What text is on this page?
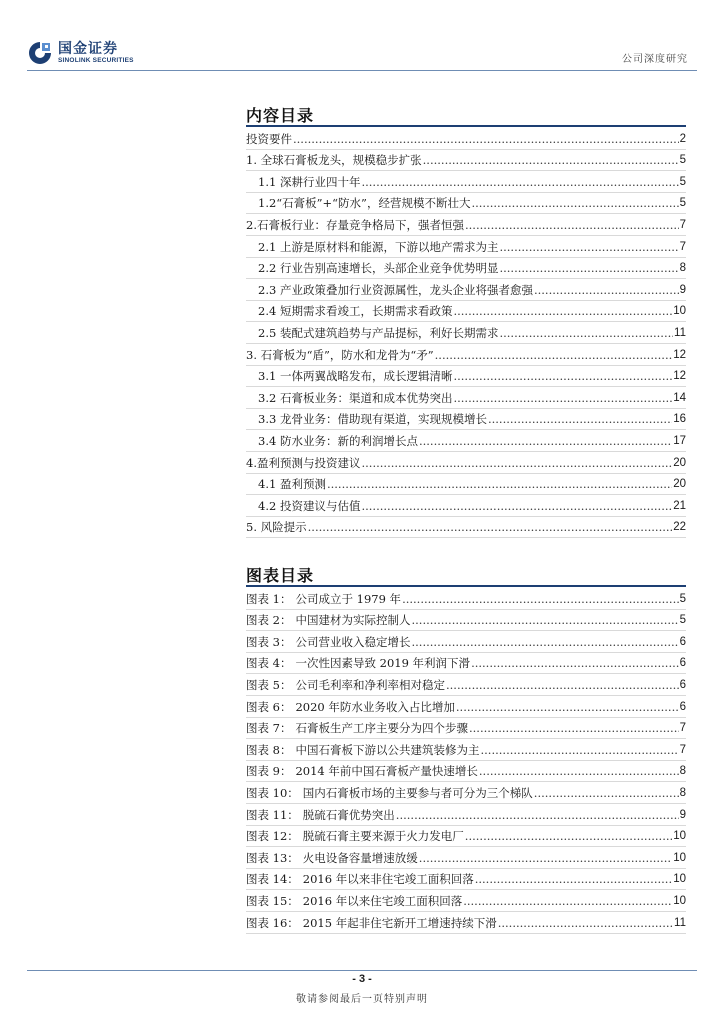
国金证券
SINOLINK SECURITIES	公司深度研究
内容目录
投资要件 .....	2
1. 全球石膏板龙头，规模稳步扩张 .....	5
1.1 深耕行业四十年 .....	5
1.2“石膏板”+“防水”，经营规模不断壮大 .....	5
2.石膏板行业：存量竞争格局下，强者恒强 .....	7
2.1 上游是原材料和能源，下游以地产需求为主 .....	7
2.2 行业告别高速增长，头部企业竞争优势明显 .....	8
2.3 产业政策叠加行业资源属性，龙头企业将强者愈强 .....	9
2.4 短期需求看竣工，长期需求看政策 .....	10
2.5 装配式建筑趋势与产品提标，利好长期需求 .....	11
3. 石膏板为“盾”，防水和龙骨为“矛” .....	12
3.1 一体两翼战略发布，成长逻辑清晰 .....	12
3.2 石膏板业务：渠道和成本优势突出 .....	14
3.3 龙骨业务：借助现有渠道，实现规模增长 .....	16
3.4 防水业务：新的利润增长点 .....	17
4.盈利预测与投资建议 .....	20
4.1 盈利预测 .....	20
4.2 投资建议与估值 .....	21
5. 风险提示 .....	22
图表目录
图表 1： 公司成立于 1979 年 .....	5
图表 2： 中国建材为实际控制人 .....	5
图表 3： 公司营业收入稳定增长 .....	6
图表 4： 一次性因素导致 2019 年利润下滑 .....	6
图表 5： 公司毛利率和净利率相对稳定 .....	6
图表 6： 2020 年防水业务收入占比增加 .....	6
图表 7： 石膏板生产工序主要分为四个步骤 .....	7
图表 8： 中国石膏板下游以公共建筑装修为主 .....	7
图表 9： 2014 年前中国石膏板产量快速增长 .....	8
图表 10： 国内石膏板市场的主要参与者可分为三个梯队 .....	8
图表 11： 脱硫石膏优势突出 .....	9
图表 12： 脱硫石膏主要来源于火力发电厂 .....	10
图表 13： 火电设备容量增速放缓 .....	10
图表 14： 2016 年以来非住宅竣工面积回落 .....	10
图表 15： 2016 年以来住宅竣工面积回落 .....	10
图表 16： 2015 年起非住宅新开工增速持续下滑 .....	11
- 3 -
敬请参阅最后一页特别声明
